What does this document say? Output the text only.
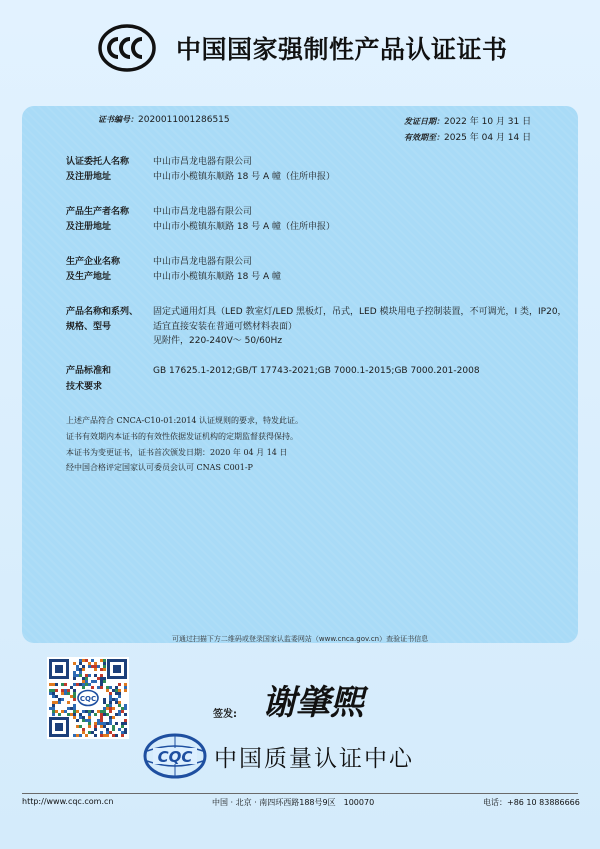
中国国家强制性产品认证证书
证书编号：2020011001286515	发证日期：2022 年 10 月 31 日
有效期至：2025 年 04 月 14 日
认证委托人名称	中山市昌龙电器有限公司
及注册地址	中山市小榄镇东顺路 18 号 A 幢（住所申报）
产品生产者名称	中山市昌龙电器有限公司
及注册地址	中山市小榄镇东顺路 18 号 A 幢（住所申报）
生产企业名称	中山市昌龙电器有限公司
及生产地址	中山市小榄镇东顺路 18 号 A 幢
产品名称和系列、	固定式通用灯具（LED 教室灯/LED 黑板灯，吊式，LED 模块用电子控制装置，不可调光，I 类，IP20，
规格、型号	适宜直接安装在普通可燃材料表面）
见附件，220-240V～ 50/60Hz
产品标准和	GB 17625.1-2012;GB/T 17743-2021;GB 7000.1-2015;GB 7000.201-2008
技术要求
上述产品符合 CNCA-C10-01:2014 认证规则的要求，特发此证。
证书有效期内本证书的有效性依据发证机构的定期监督获得保持。
本证书为变更证书，证书首次颁发日期：2020 年 04 月 14 日
经中国合格评定国家认可委员会认可 CNAS C001-P
可通过扫描下方二维码或登录国家认监委网站（www.cnca.gov.cn）查验证书信息
CQC
签发: 谢肇煕
CQC 中国质量认证中心
http://www.cqc.com.cn	中国 · 北京 · 南四环西路188号9区　100070	电话：+86 10 83886666
